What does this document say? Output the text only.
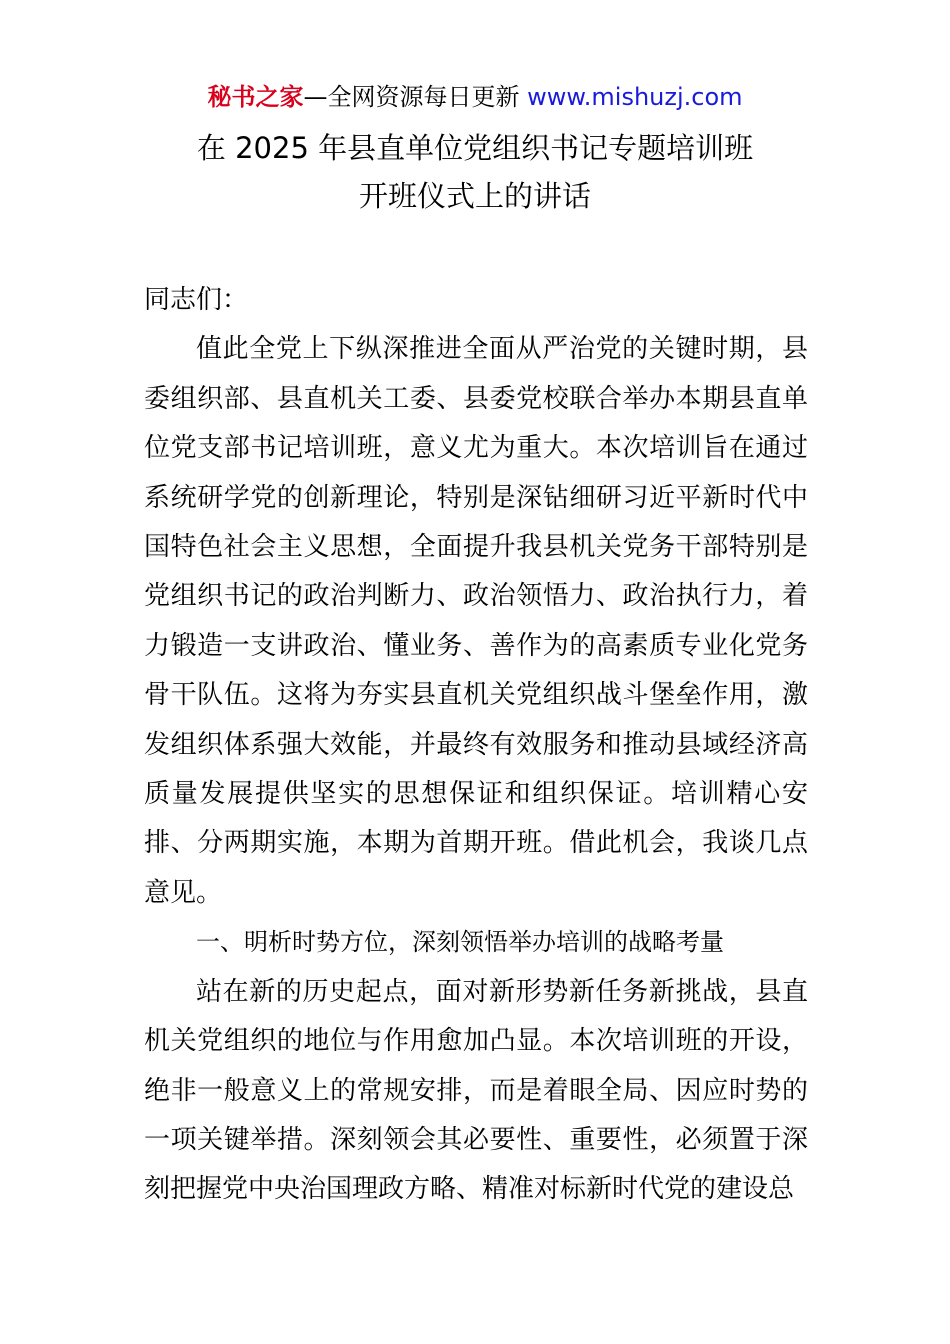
秘书之家—全网资源每日更新 www.mishuzj.com
在 2025 年县直单位党组织书记专题培训班
开班仪式上的讲话

同志们：

值此全党上下纵深推进全面从严治党的关键时期，县委组织部、县直机关工委、县委党校联合举办本期县直单位党支部书记培训班，意义尤为重大。本次培训旨在通过系统研学党的创新理论，特别是深钻细研习近平新时代中国特色社会主义思想，全面提升我县机关党务干部特别是党组织书记的政治判断力、政治领悟力、政治执行力，着力锻造一支讲政治、懂业务、善作为的高素质专业化党务骨干队伍。这将为夯实县直机关党组织战斗堡垒作用，激发组织体系强大效能，并最终有效服务和推动县域经济高质量发展提供坚实的思想保证和组织保证。培训精心安排、分两期实施，本期为首期开班。借此机会，我谈几点意见。

一、明析时势方位，深刻领悟举办培训的战略考量

站在新的历史起点，面对新形势新任务新挑战，县直机关党组织的地位与作用愈加凸显。本次培训班的开设，绝非一般意义上的常规安排，而是着眼全局、因应时势的一项关键举措。深刻领会其必要性、重要性，必须置于深刻把握党中央治国理政方略、精准对标新时代党的建设总
